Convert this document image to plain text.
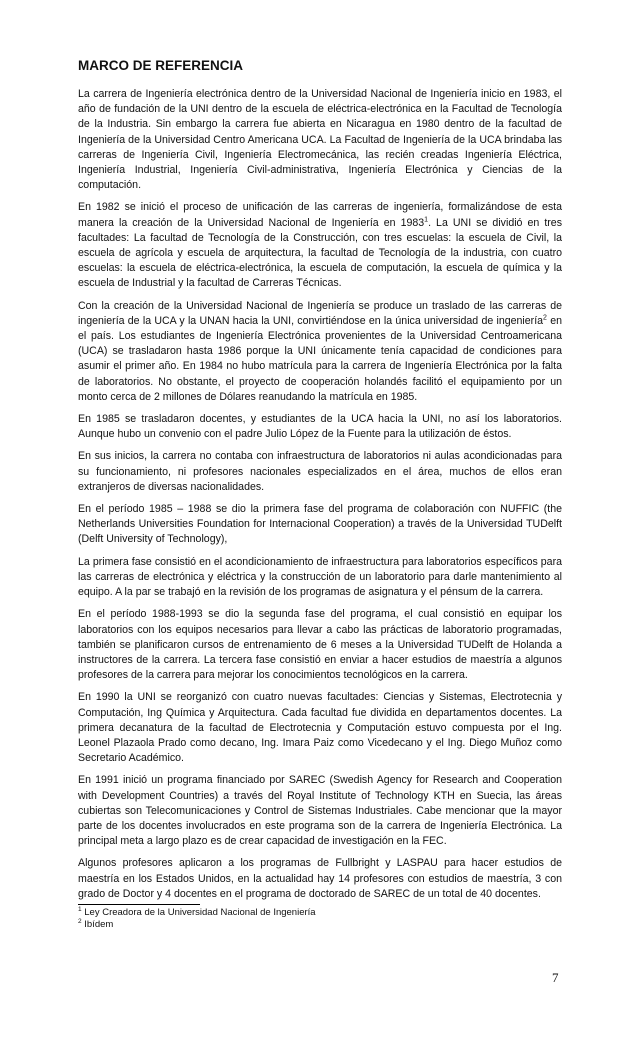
MARCO DE REFERENCIA

La carrera de Ingeniería electrónica dentro de la Universidad Nacional de Ingeniería inicio en 1983, el año de fundación de la UNI dentro de la escuela de eléctrica-electrónica en la Facultad de Tecnología de la Industria. Sin embargo la carrera fue abierta en Nicaragua en 1980 dentro de la facultad de Ingeniería de la Universidad Centro Americana UCA. La Facultad de Ingeniería de la UCA brindaba las carreras de Ingeniería Civil, Ingeniería Electromecánica, las recién creadas Ingeniería Eléctrica, Ingeniería Industrial, Ingeniería Civil-administrativa, Ingeniería Electrónica y Ciencias de la computación.

En 1982 se inició el proceso de unificación de las carreras de ingeniería, formalizándose de esta manera la creación de la Universidad Nacional de Ingeniería en 1983$^1$. La UNI se dividió en tres facultades: La facultad de Tecnología de la Construcción, con tres escuelas: la escuela de Civil, la escuela de agrícola y escuela de arquitectura, la facultad de Tecnología de la industria, con cuatro escuelas: la escuela de eléctrica-electrónica, la escuela de computación, la escuela de química y la escuela de Industrial y la facultad de Carreras Técnicas.

Con la creación de la Universidad Nacional de Ingeniería se produce un traslado de las carreras de ingeniería de la UCA y la UNAN hacia la UNI, convirtiéndose en la única universidad de ingeniería$^2$ en el país. Los estudiantes de Ingeniería Electrónica provenientes de la Universidad Centroamericana (UCA) se trasladaron hasta 1986 porque la UNI únicamente tenía capacidad de condiciones para asumir el primer año. En 1984 no hubo matrícula para la carrera de Ingeniería Electrónica por la falta de laboratorios. No obstante, el proyecto de cooperación holandés facilitó el equipamiento por un monto cerca de 2 millones de Dólares reanudando la matrícula en 1985.

En 1985 se trasladaron docentes, y estudiantes de la UCA hacia la UNI, no así los laboratorios. Aunque hubo un convenio con el padre Julio López de la Fuente para la utilización de éstos.

En sus inicios, la carrera no contaba con infraestructura de laboratorios ni aulas acondicionadas para su funcionamiento, ni profesores nacionales especializados en el área, muchos de ellos eran extranjeros de diversas nacionalidades.

En el período 1985 – 1988 se dio la primera fase del programa de colaboración con NUFFIC (the Netherlands Universities Foundation for Internacional Cooperation) a través de la Universidad TUDelft (Delft University of Technology),

La primera fase consistió en el acondicionamiento de infraestructura para laboratorios específicos para las carreras de electrónica y eléctrica y la construcción de un laboratorio para darle mantenimiento al equipo. A la par se trabajó en la revisión de los programas de asignatura y el pénsum de la carrera.

En el período 1988-1993 se dio la segunda fase del programa, el cual consistió en equipar los laboratorios con los equipos necesarios para llevar a cabo las prácticas de laboratorio programadas, también se planificaron cursos de entrenamiento de 6 meses a la Universidad TUDelft de Holanda a instructores de la carrera. La tercera fase consistió en enviar a hacer estudios de maestría a algunos profesores de la carrera para mejorar los conocimientos tecnológicos en la carrera.

En 1990 la UNI se reorganizó con cuatro nuevas facultades: Ciencias y Sistemas, Electrotecnia y Computación, Ing Química y Arquitectura. Cada facultad fue dividida en departamentos docentes. La primera decanatura de la facultad de Electrotecnia y Computación estuvo compuesta por el Ing. Leonel Plazaola Prado como decano, Ing. Imara Paiz como Vicedecano y el Ing. Diego Muñoz como Secretario Académico.

En 1991 inició un programa financiado por SAREC (Swedish Agency for Research and Cooperation with Development Countries) a través del Royal Institute of Technology KTH en Suecia, las áreas cubiertas son Telecomunicaciones y Control de Sistemas Industriales. Cabe mencionar que la mayor parte de los docentes involucrados en este programa son de la carrera de Ingeniería Electrónica. La principal meta a largo plazo es de crear capacidad de investigación en la FEC.

Algunos profesores aplicaron a los programas de Fullbright y LASPAU para hacer estudios de maestría en los Estados Unidos, en la actualidad hay 14 profesores con estudios de maestría, 3 con grado de Doctor y 4 docentes en el programa de doctorado de SAREC de un total de 40 docentes.

$^1$ Ley Creadora de la Universidad Nacional de Ingeniería

$^2$ Ibídem

7
